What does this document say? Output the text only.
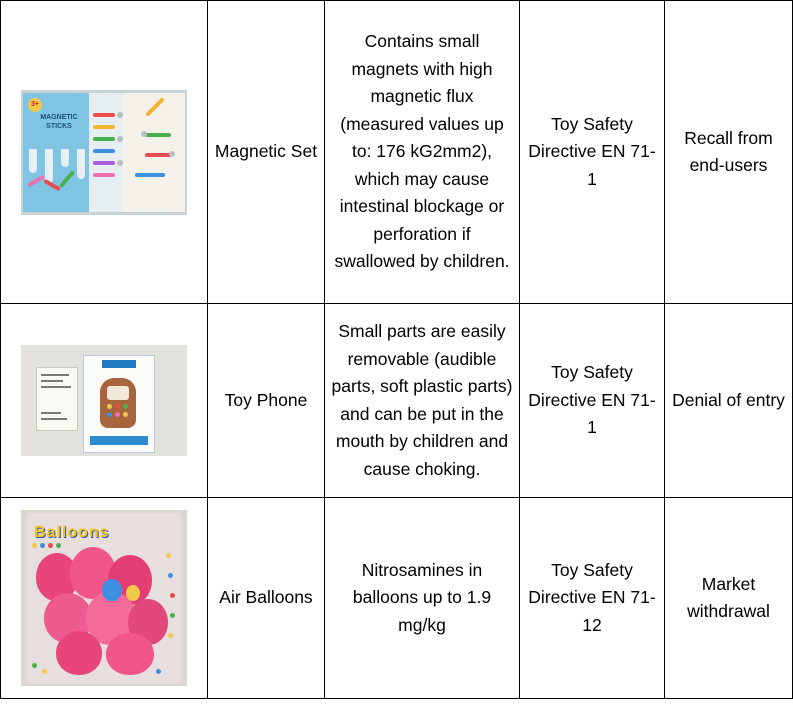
3+
MAGNETIC STICKS	Magnetic Set	Contains small magnets with high magnetic flux (measured values up to: 176 kG2mm2), which may cause intestinal blockage or perforation if swallowed by children.	Toy Safety Directive EN 71-1	Recall from end-users

	Toy Phone	Small parts are easily removable (audible parts, soft plastic parts) and can be put in the mouth by children and cause choking.	Toy Safety Directive EN 71-1	Denial of entry

Balloons	Air Balloons	Nitrosamines in balloons up to 1.9 mg/kg	Toy Safety Directive EN 71-12	Market withdrawal
